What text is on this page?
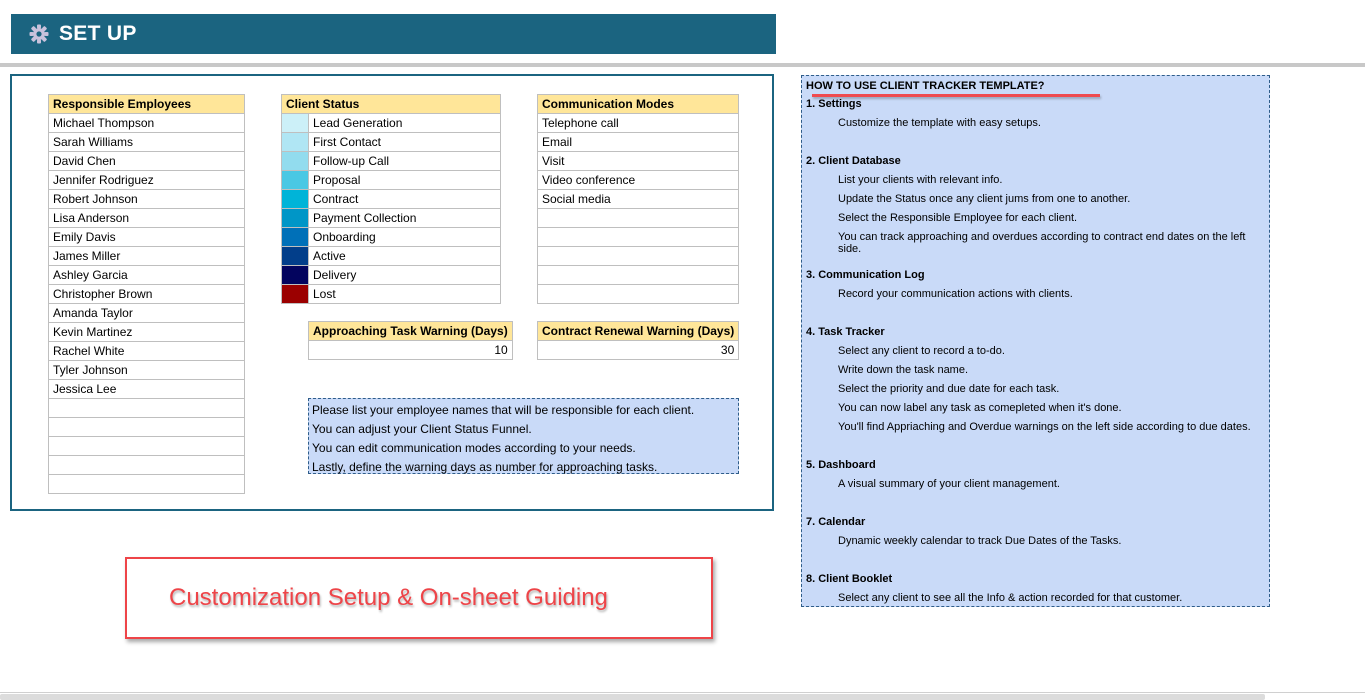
SET UP
Responsible Employees
Michael Thompson
Sarah Williams
David Chen
Jennifer Rodriguez
Robert Johnson
Lisa Anderson
Emily Davis
James Miller
Ashley Garcia
Christopher Brown
Amanda Taylor
Kevin Martinez
Rachel White
Tyler Johnson
Jessica Lee

Client Status	
	Lead Generation
	First Contact
	Follow-up Call
	Proposal
	Contract
	Payment Collection
	Onboarding
	Active
	Delivery
	Lost
Communication Modes
Telephone call
Email
Visit
Video conference
Social media

Approaching Task Warning (Days)
10
Contract Renewal Warning (Days)
30
Please list your employee names that will be responsible for each client.
You can adjust your Client Status Funnel.
You can edit communication modes according to your needs.
Lastly, define the warning days as number for approaching tasks.
HOW TO USE CLIENT TRACKER TEMPLATE?
1. Settings
Customize the template with easy setups.
2. Client Database
List your clients with relevant info.
Update the Status once any client jums from one to another.
Select the Responsible Employee for each client.
You can track approaching and overdues according to contract end dates on the left side.
3. Communication Log
Record your communication actions with clients.
4. Task Tracker
Select any client to record a to-do.
Write down the task name.
Select the priority and due date for each task.
You can now label any task as comepleted when it's done.
You'll find Appriaching and Overdue warnings on the left side according to due dates.
5. Dashboard
A visual summary of your client management.
7. Calendar
Dynamic weekly calendar to track Due Dates of the Tasks.
8. Client Booklet
Select any client to see all the Info & action recorded for that customer.
Customization Setup & On-sheet Guiding
